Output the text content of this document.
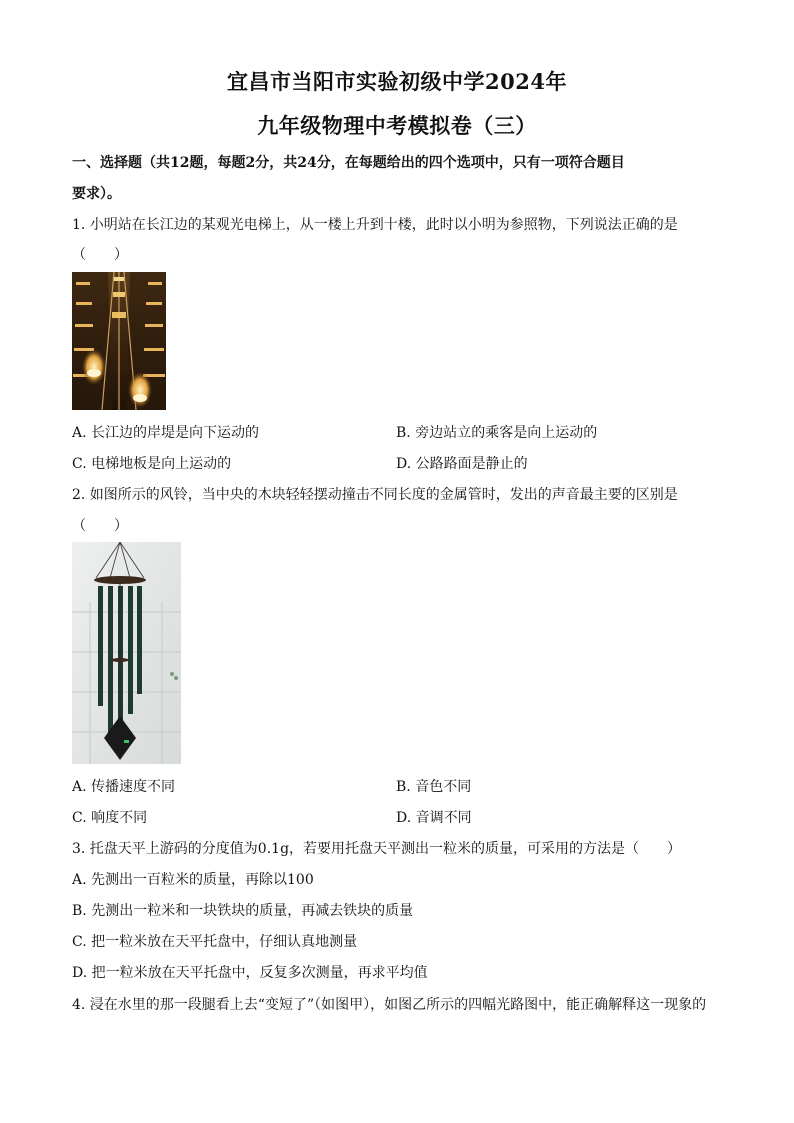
宜昌市当阳市实验初级中学2024年
九年级物理中考模拟卷（三）
一、选择题（共12题，每题2分，共24分，在每题给出的四个选项中，只有一项符合题目
要求）。
1. 小明站在长江边的某观光电梯上，从一楼上升到十楼，此时以小明为参照物，下列说法正确的是
（　　）
A. 长江边的岸堤是向下运动的	B. 旁边站立的乘客是向上运动的
C. 电梯地板是向上运动的	D. 公路路面是静止的
2. 如图所示的风铃，当中央的木块轻轻摆动撞击不同长度的金属管时，发出的声音最主要的区别是
（　　）
A. 传播速度不同	B. 音色不同
C. 响度不同	D. 音调不同
3. 托盘天平上游码的分度值为0.1g，若要用托盘天平测出一粒米的质量，可采用的方法是（　　）
A. 先测出一百粒米的质量，再除以100
B. 先测出一粒米和一块铁块的质量，再减去铁块的质量
C. 把一粒米放在天平托盘中，仔细认真地测量
D. 把一粒米放在天平托盘中，反复多次测量，再求平均值
4. 浸在水里的那一段腿看上去“变短了”（如图甲），如图乙所示的四幅光路图中，能正确解释这一现象的
